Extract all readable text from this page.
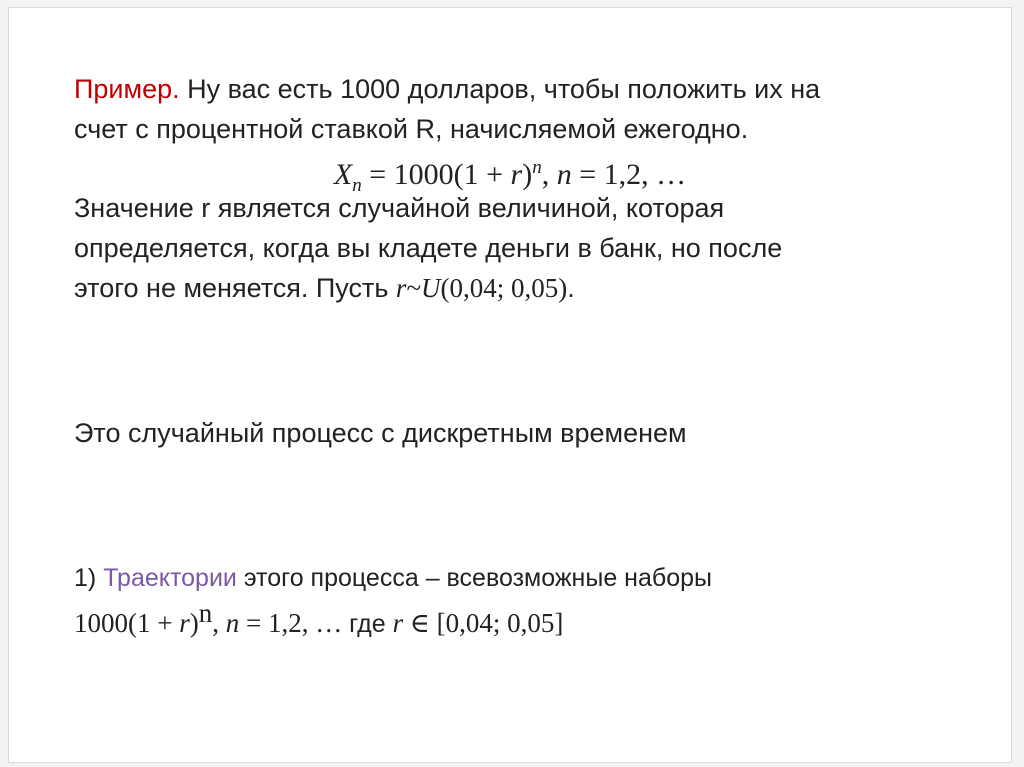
Пример. Ну вас есть 1000 долларов, чтобы положить их на
счет с процентной ставкой R, начисляемой ежегодно.
$X_n = 1000(1 + r)^n$, n = 1,2, …
Значение r является случайной величиной, которая
определяется, когда вы кладете деньги в банк, но после
этого не меняется. Пусть r~U(0,04; 0,05).
Это случайный процесс с дискретным временем
1) Траектории этого процесса – всевозможные наборы
$1000(1 + r)^n$, n = 1,2, … где r ∈ [0,04; 0,05]
